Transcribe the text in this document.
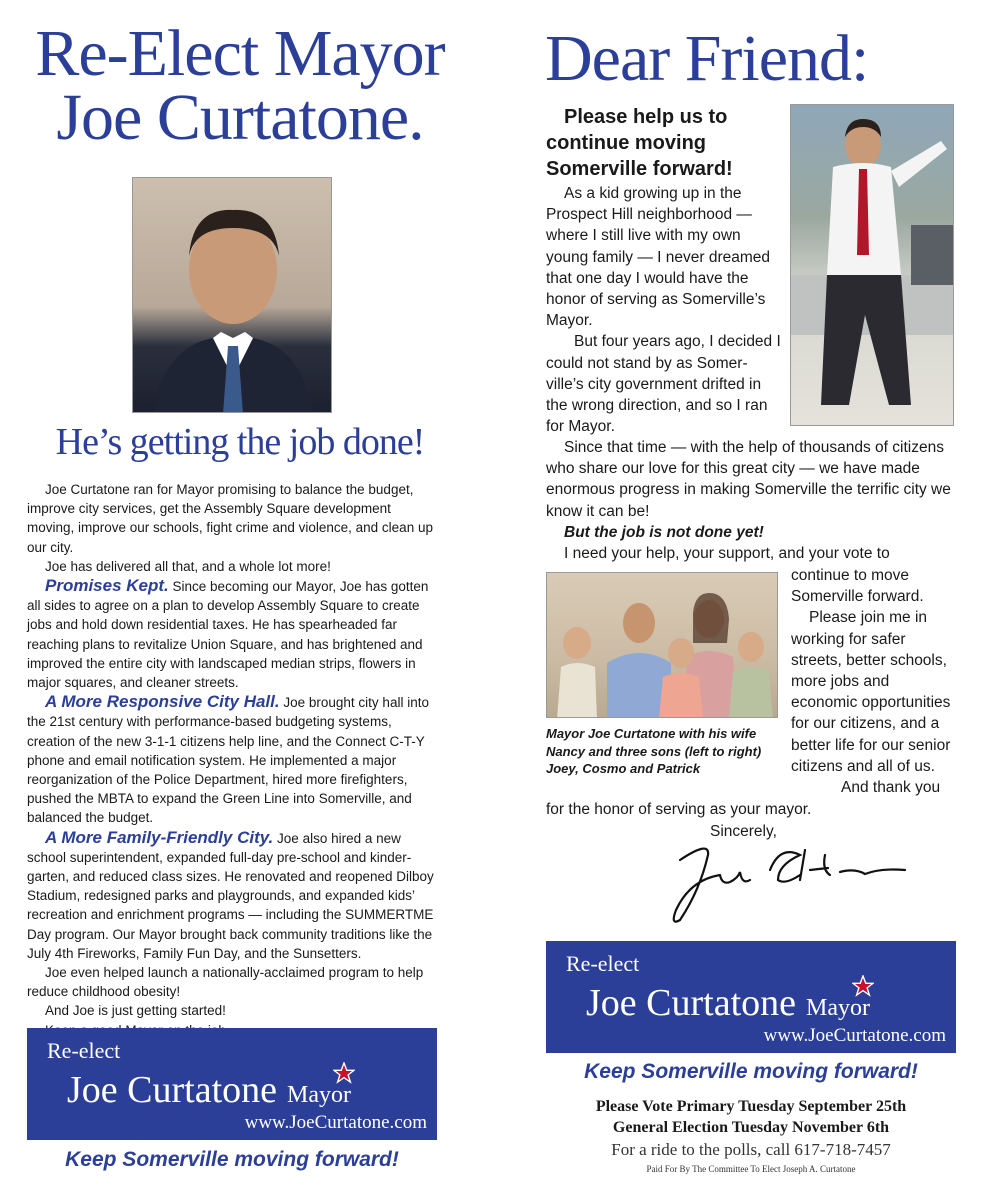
Re-Elect Mayor
Joe Curtatone.
He’s getting the job done!

Joe Curtatone ran for Mayor promising to balance the budget, improve city services, get the Assembly Square development moving, improve our schools, fight crime and violence, and clean up our city.

Joe has delivered all that, and a whole lot more!

Promises Kept. Since becoming our Mayor, Joe has gotten all sides to agree on a plan to develop Assembly Square to create jobs and hold down residential taxes. He has spearheaded far reaching plans to revitalize Union Square, and has brightened and improved the entire city with landscaped median strips, flowers in major squares, and cleaner streets.

A More Responsive City Hall. Joe brought city hall into the 21st century with performance-based budgeting systems, creation of the new 3-1-1 citizens help line, and the Connect C-T-Y phone and email notification system. He implemented a major reorganization of the Police Department, hired more firefighters, pushed the MBTA to expand the Green Line into Somerville, and balanced the budget.

A More Family-Friendly City. Joe also hired a new school superintendent, expanded full-day pre-school and kinder-garten, and reduced class sizes. He renovated and reopened Dilboy Stadium, redesigned parks and playgrounds, and expanded kids’ recreation and enrichment programs — including the SUMMERTME Day program. Our Mayor brought back community traditions like the July 4th Fireworks, Family Fun Day, and the Sunsetters.

Joe even helped launch a nationally-acclaimed program to help reduce childhood obesity!

And Joe is just getting started!

Re-elect
Joe Curtatone Mayor
www.JoeCurtatone.com
Keep Somerville moving forward!
Dear Friend:
Please help us to continue moving Somerville forward!

As a kid growing up in the Prospect Hill neighborhood — where I still live with my own young family — I never dreamed that one day I would have the honor of serving as Somerville’s Mayor.

But four years ago, I decided I could not stand by as Somer-ville’s city government drifted in the wrong direction, and so I ran for Mayor.

Since that time — with the help of thousands of citizens who share our love for this great city — we have made enormous progress in making Somerville the terrific city we know it can be!

But the job is not done yet!

I need your help, your support, and your vote to

Mayor Joe Curtatone with his wife Nancy and three sons (left to right) Joey, Cosmo and Patrick

continue to move Somerville forward.

Please join me in working for safer streets, better schools, more jobs and economic opportunities for our citizens, and a better life for our senior citizens and all of us.

And thank you

for the honor of serving as your mayor.
Sincerely,
Re-elect
Joe Curtatone Mayor
www.JoeCurtatone.com
Keep Somerville moving forward!
Please Vote Primary Tuesday September 25th
General Election Tuesday November 6th
For a ride to the polls, call 617-718-7457
Paid For By The Committee To Elect Joseph A. Curtatone
